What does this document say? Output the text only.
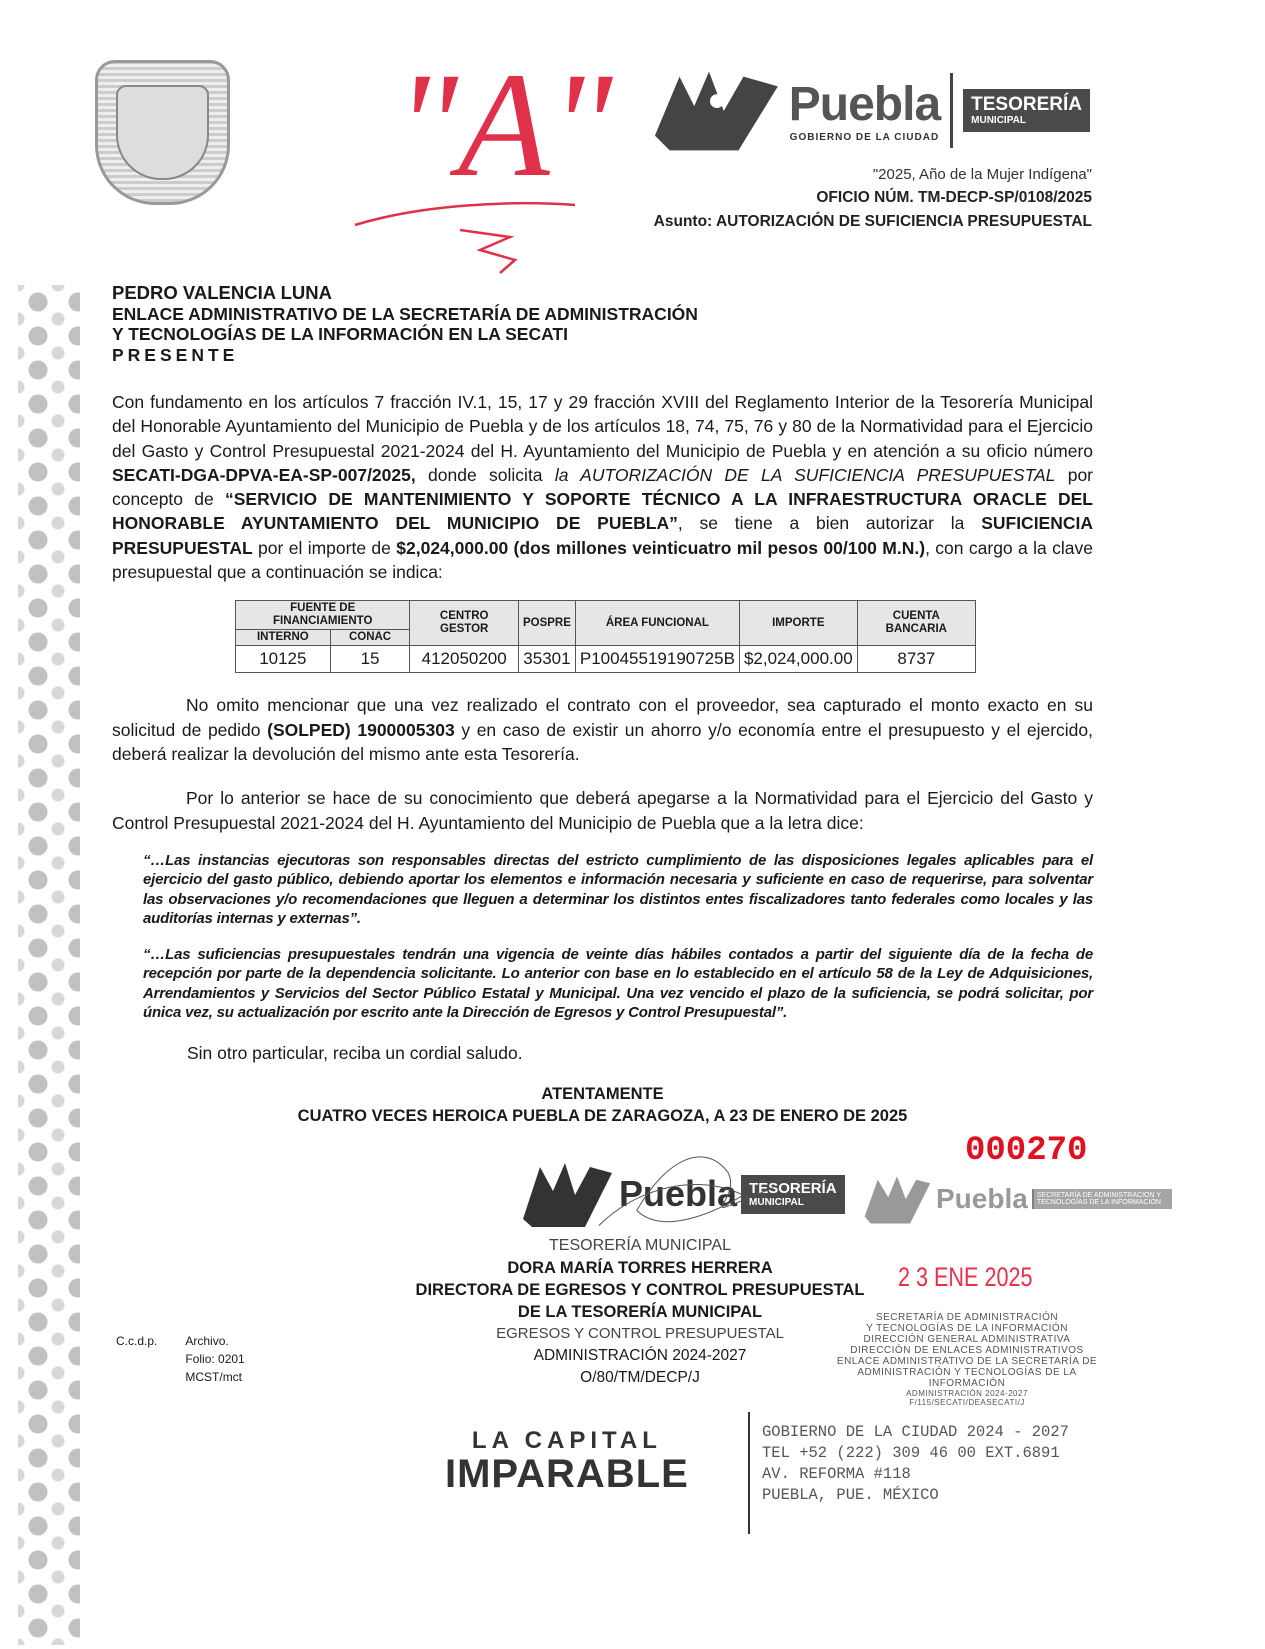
"A"	Puebla
GOBIERNO DE LA CIUDAD
TESORERÍA
MUNICIPAL
"2025, Año de la Mujer Indígena"
OFICIO NÚM. TM-DECP-SP/0108/2025
Asunto: AUTORIZACIÓN DE SUFICIENCIA PRESUPUESTAL
PEDRO VALENCIA LUNA
ENLACE ADMINISTRATIVO DE LA SECRETARÍA DE ADMINISTRACIÓN
Y TECNOLOGÍAS DE LA INFORMACIÓN EN LA SECATI
PRESENTE
Con fundamento en los artículos 7 fracción IV.1, 15, 17 y 29 fracción XVIII del Reglamento Interior de la Tesorería Municipal del Honorable Ayuntamiento del Municipio de Puebla y de los artículos 18, 74, 75, 76 y 80 de la Normatividad para el Ejercicio del Gasto y Control Presupuestal 2021-2024 del H. Ayuntamiento del Municipio de Puebla y en atención a su oficio número SECATI-DGA-DPVA-EA-SP-007/2025, donde solicita la AUTORIZACIÓN DE LA SUFICIENCIA PRESUPUESTAL por concepto de “SERVICIO DE MANTENIMIENTO Y SOPORTE TÉCNICO A LA INFRAESTRUCTURA ORACLE DEL HONORABLE AYUNTAMIENTO DEL MUNICIPIO DE PUEBLA”, se tiene a bien autorizar la SUFICIENCIA PRESUPUESTAL por el importe de $2,024,000.00 (dos millones veinticuatro mil pesos 00/100 M.N.), con cargo a la clave presupuestal que a continuación se indica:
FUENTE DE FINANCIAMIENTO		CENTRO GESTOR	POSPRE	ÁREA FUNCIONAL	IMPORTE	CUENTA BANCARIA
INTERNO	CONAC					
10125	15	412050200	35301	P10045519190725B	$2,024,000.00	8737
No omito mencionar que una vez realizado el contrato con el proveedor, sea capturado el monto exacto en su solicitud de pedido (SOLPED) 1900005303 y en caso de existir un ahorro y/o economía entre el presupuesto y el ejercido, deberá realizar la devolución del mismo ante esta Tesorería.
Por lo anterior se hace de su conocimiento que deberá apegarse a la Normatividad para el Ejercicio del Gasto y Control Presupuestal 2021-2024 del H. Ayuntamiento del Municipio de Puebla que a la letra dice:
“…Las instancias ejecutoras son responsables directas del estricto cumplimiento de las disposiciones legales aplicables para el ejercicio del gasto público, debiendo aportar los elementos e información necesaria y suficiente en caso de requerirse, para solventar las observaciones y/o recomendaciones que lleguen a determinar los distintos entes fiscalizadores tanto federales como locales y las auditorías internas y externas”.
“…Las suficiencias presupuestales tendrán una vigencia de veinte días hábiles contados a partir del siguiente día de la fecha de recepción por parte de la dependencia solicitante. Lo anterior con base en lo establecido en el artículo 58 de la Ley de Adquisiciones, Arrendamientos y Servicios del Sector Público Estatal y Municipal. Una vez vencido el plazo de la suficiencia, se podrá solicitar, por única vez, su actualización por escrito ante la Dirección de Egresos y Control Presupuestal”.
Sin otro particular, reciba un cordial saludo.
ATENTAMENTE
CUATRO VECES HEROICA PUEBLA DE ZARAGOZA, A 23 DE ENERO DE 2025
000270
Puebla TESORERÍA
MUNICIPAL	Puebla	SECRETARÍA DE ADMINISTRACIÓN Y TECNOLOGÍAS DE LA INFORMACIÓN
TESORERÍA MUNICIPAL
DORA MARÍA TORRES HERRERA
DIRECTORA DE EGRESOS Y CONTROL PRESUPUESTAL
DE LA TESORERÍA MUNICIPAL
EGRESOS Y CONTROL PRESUPUESTAL
ADMINISTRACIÓN 2024-2027
O/80/TM/DECP/J
2 3 ENE 2025
SECRETARÍA DE ADMINISTRACIÓN
Y TECNOLOGÍAS DE LA INFORMACIÓN
DIRECCIÓN GENERAL ADMINISTRATIVA
DIRECCIÓN DE ENLACES ADMINISTRATIVOS
ENLACE ADMINISTRATIVO DE LA SECRETARÍA DE
ADMINISTRACIÓN Y TECNOLOGÍAS DE LA INFORMACIÓN
ADMINISTRACIÓN 2024-2027
F/115/SECATI/DEASECATI/J
C.c.d.p. Archivo.
Folio: 0201
MCST/mct
LA CAPITAL
IMPARABLE
GOBIERNO DE LA CIUDAD 2024 - 2027
TEL +52 (222) 309 46 00 EXT.6891
AV. REFORMA #118
PUEBLA, PUE. MÉXICO
